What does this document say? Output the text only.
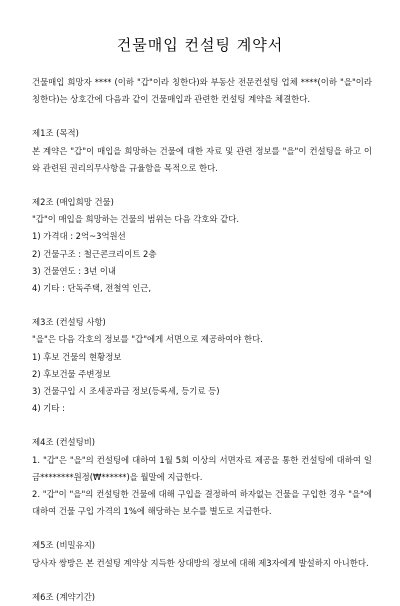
건물매입 컨설팅 계약서
건물매입 희망자 **** (이하 "갑"이라 칭한다)와 부동산 전문컨설팅 업체 ****(이하 "을"이라 칭한다)는 상호간에 다음과 같이 건물매입과 관련한 컨설팅 계약을 체결한다.
제1조 (목적)
본 계약은 "갑"이 매입을 희망하는 건물에 대한 자료 및 관련 정보를 "을"이 컨설팅을 하고 이와 관련된 권리의무사항을 규율함을 목적으로 한다.
제2조 (매입희망 건물)
"갑"이 매입을 희망하는 건물의 범위는 다음 각호와 같다.
1) 가격대 : 2억~3억원선
2) 건물구조 : 철근콘크리이트 2층
3) 건물연도 : 3년 이내
4) 기타 : 단독주택, 전철역 인근,
제3조 (컨설팅 사항)
"을"은 다음 각호의 정보를 "갑"에게 서면으로 제공하여야 한다.
1) 후보 건물의 현황정보
2) 후보건물 주변정보
3) 건물구입 시 조세공과금 정보(등록세, 등기료 등)
4) 기타 :
제4조 (컨설팅비)
1. "갑"은 "을"의 컨설팅에 대하여 1월 5회 이상의 서면자료 제공을 통한 컨설팅에 대하여 일금********원정(₩******)을 월말에 지급한다.
2. "갑"이 "을"의 컨설팅한 건물에 대해 구입을 결정하여 하자없는 건물을 구입한 경우 "을"에 대하여 건물 구입 가격의 1%에 해당하는 보수를 별도로 지급한다.
제5조 (비밀유지)
당사자 쌍방은 본 컨설팅 계약상 지득한 상대방의 정보에 대해 제3자에게 발설하지 아니한다.
제6조 (계약기간)
